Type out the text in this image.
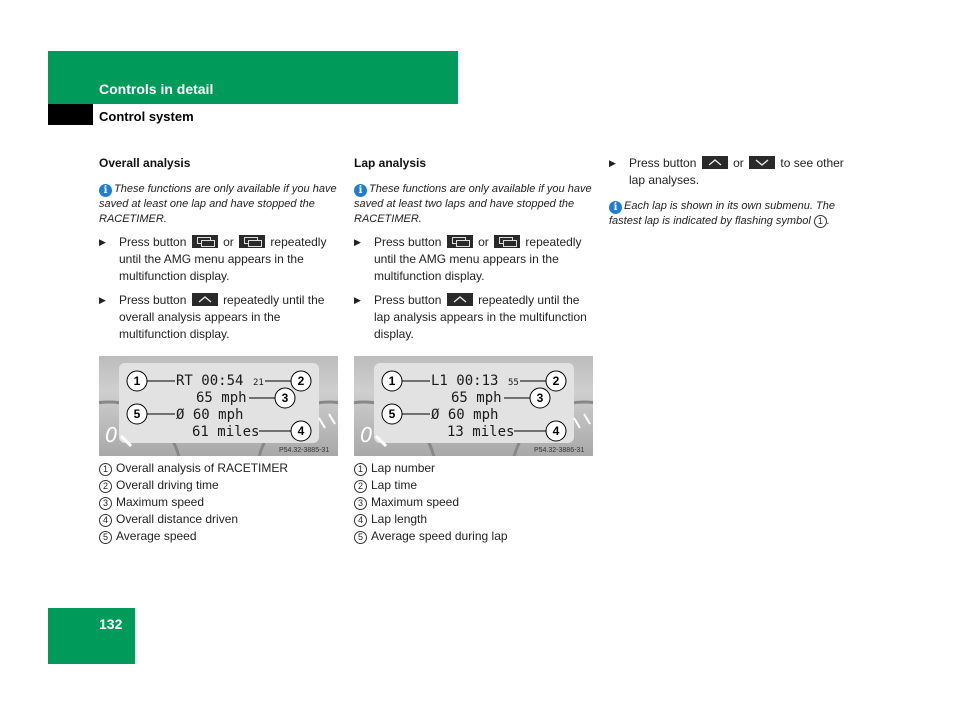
Controls in detail
Control system

Overall analysis

i These functions are only available if you have saved at least one lap and have stopped the RACETIMER.

▶ Press button	or	repeatedly until the AMG menu appears in the multifunction display.
▶ Press button	repeatedly until the overall analysis appears in the multifunction display.
0
RT 00:54 21
65 mph
Ø 60 mph
61 miles
1	2
3
4
5
P54.32-3885-31
1 Overall analysis of RACETIMER
2 Overall driving time
3 Maximum speed
4 Overall distance driven
5 Average speed

Lap analysis

i These functions are only available if you have saved at least two laps and have stopped the RACETIMER.

▶ Press button	or	repeatedly until the AMG menu appears in the multifunction display.
▶ Press button	repeatedly until the lap analysis appears in the multifunction display.
0
L1 00:13 55
65 mph
Ø 60 mph
13 miles
1	2
3
4
5
P54.32-3886-31
1 Lap number
2 Lap time
3 Maximum speed
4 Lap length
5 Average speed during lap
▶ Press button	or	to see other lap analyses.

i Each lap is shown in its own submenu. The fastest lap is indicated by flashing symbol 1 .

132
